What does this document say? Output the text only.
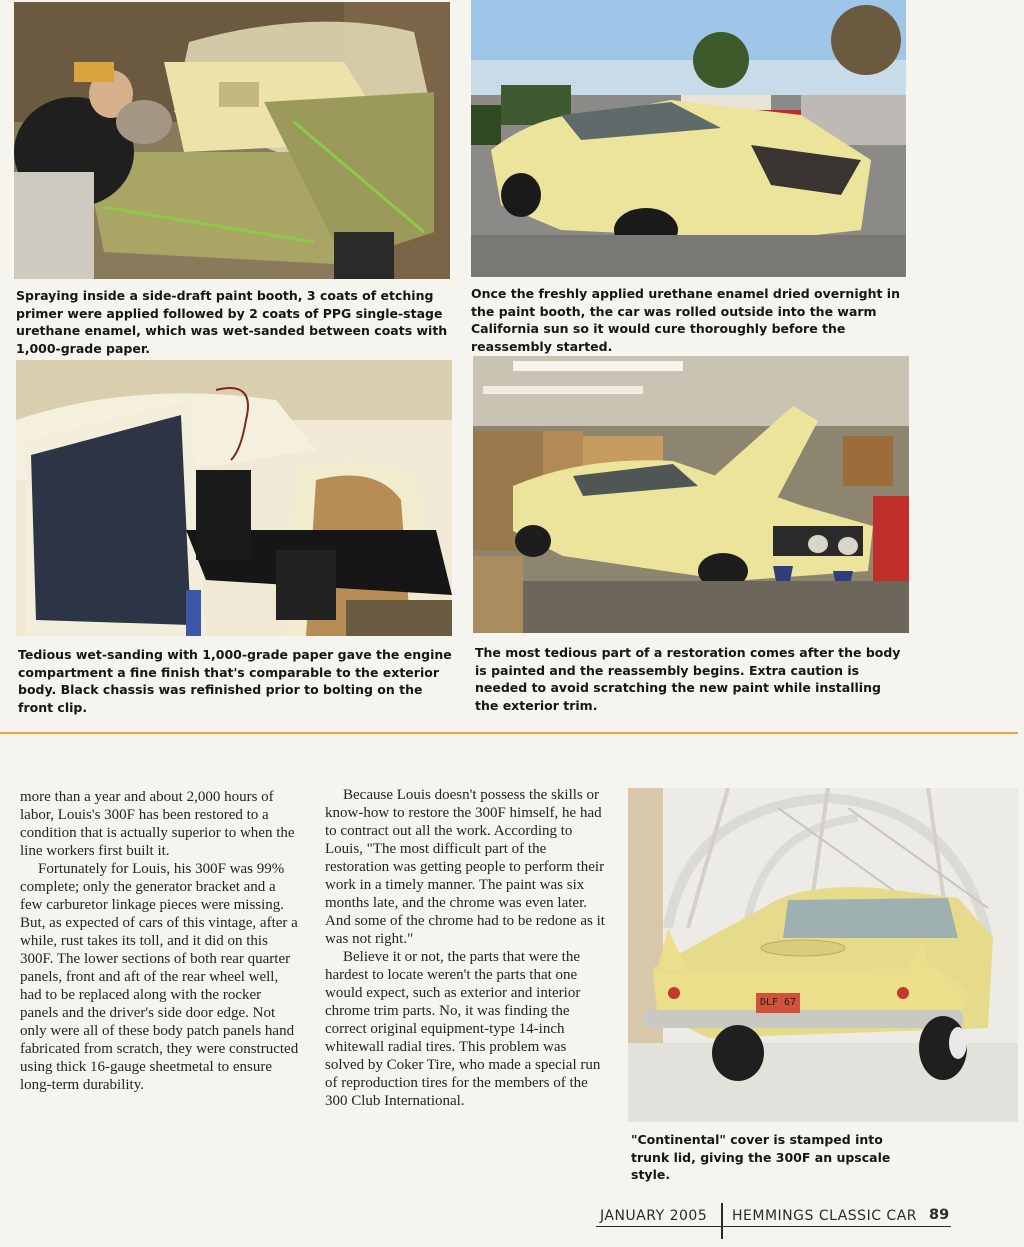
Spraying inside a side-draft paint booth, 3 coats of etching primer were applied followed by 2 coats of PPG single-stage urethane enamel, which was wet-sanded between coats with 1,000-grade paper.

Once the freshly applied urethane enamel dried overnight in the paint booth, the car was rolled outside into the warm California sun so it would cure thoroughly before the reassembly started.

Tedious wet-sanding with 1,000-grade paper gave the engine compartment a fine finish that's comparable to the exterior body. Black chassis was refinished prior to bolting on the front clip.

The most tedious part of a restoration comes after the body is painted and the reassembly begins. Extra caution is needed to avoid scratching the new paint while installing the exterior trim.

more than a year and about 2,000 hours of labor, Louis's 300F has been restored to a condition that is actually superior to when the line workers first built it.

Fortunately for Louis, his 300F was 99% complete; only the generator bracket and a few carburetor linkage pieces were missing. But, as expected of cars of this vintage, after a while, rust takes its toll, and it did on this 300F. The lower sections of both rear quarter panels, front and aft of the rear wheel well, had to be replaced along with the rocker panels and the driver's side door edge. Not only were all of these body patch panels hand fabricated from scratch, they were constructed using thick 16-gauge sheetmetal to ensure long-term durability.

Because Louis doesn't possess the skills or know-how to restore the 300F himself, he had to contract out all the work. According to Louis, "The most difficult part of the restoration was getting people to perform their work in a timely manner. The paint was six months late, and the chrome was even later. And some of the chrome had to be redone as it was not right."

Believe it or not, the parts that were the hardest to locate weren't the parts that one would expect, such as exterior and interior chrome trim parts. No, it was finding the correct original equipment-type 14-inch whitewall radial tires. This problem was solved by Coker Tire, who made a special run of reproduction tires for the members of the 300 Club International.

DLF 67

"Continental" cover is stamped into trunk lid, giving the 300F an upscale style.

JANUARY 2005 HEMMINGS CLASSIC CAR 89
